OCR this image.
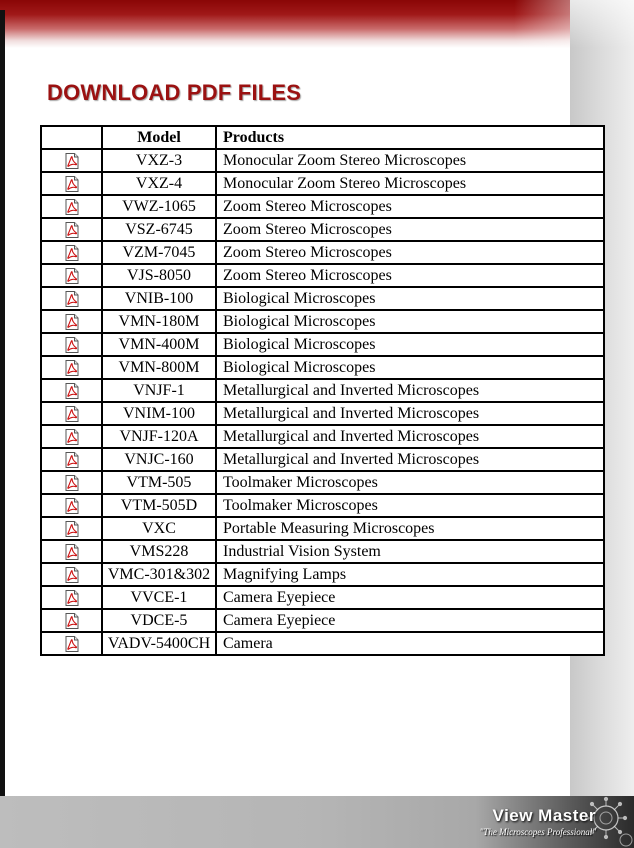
DOWNLOAD PDF FILES
	Model	Products

	VXZ-3	Monocular Zoom Stereo Microscopes

	VXZ-4	Monocular Zoom Stereo Microscopes

	VWZ-1065	Zoom Stereo Microscopes

	VSZ-6745	Zoom Stereo Microscopes

	VZM-7045	Zoom Stereo Microscopes

	VJS-8050	Zoom Stereo Microscopes

	VNIB-100	Biological Microscopes

	VMN-180M	Biological Microscopes

	VMN-400M	Biological Microscopes

	VMN-800M	Biological Microscopes

	VNJF-1	Metallurgical and Inverted Microscopes

	VNIM-100	Metallurgical and Inverted Microscopes

	VNJF-120A	Metallurgical and Inverted Microscopes

	VNJC-160	Metallurgical and Inverted Microscopes

	VTM-505	Toolmaker Microscopes

	VTM-505D	Toolmaker Microscopes

	VXC	Portable Measuring Microscopes

	VMS228	Industrial Vision System

	VMC-301&302	Magnifying Lamps

	VVCE-1	Camera Eyepiece

	VDCE-5	Camera Eyepiece

	VADV-5400CH	Camera
View Master
"The Microscopes Professional"
